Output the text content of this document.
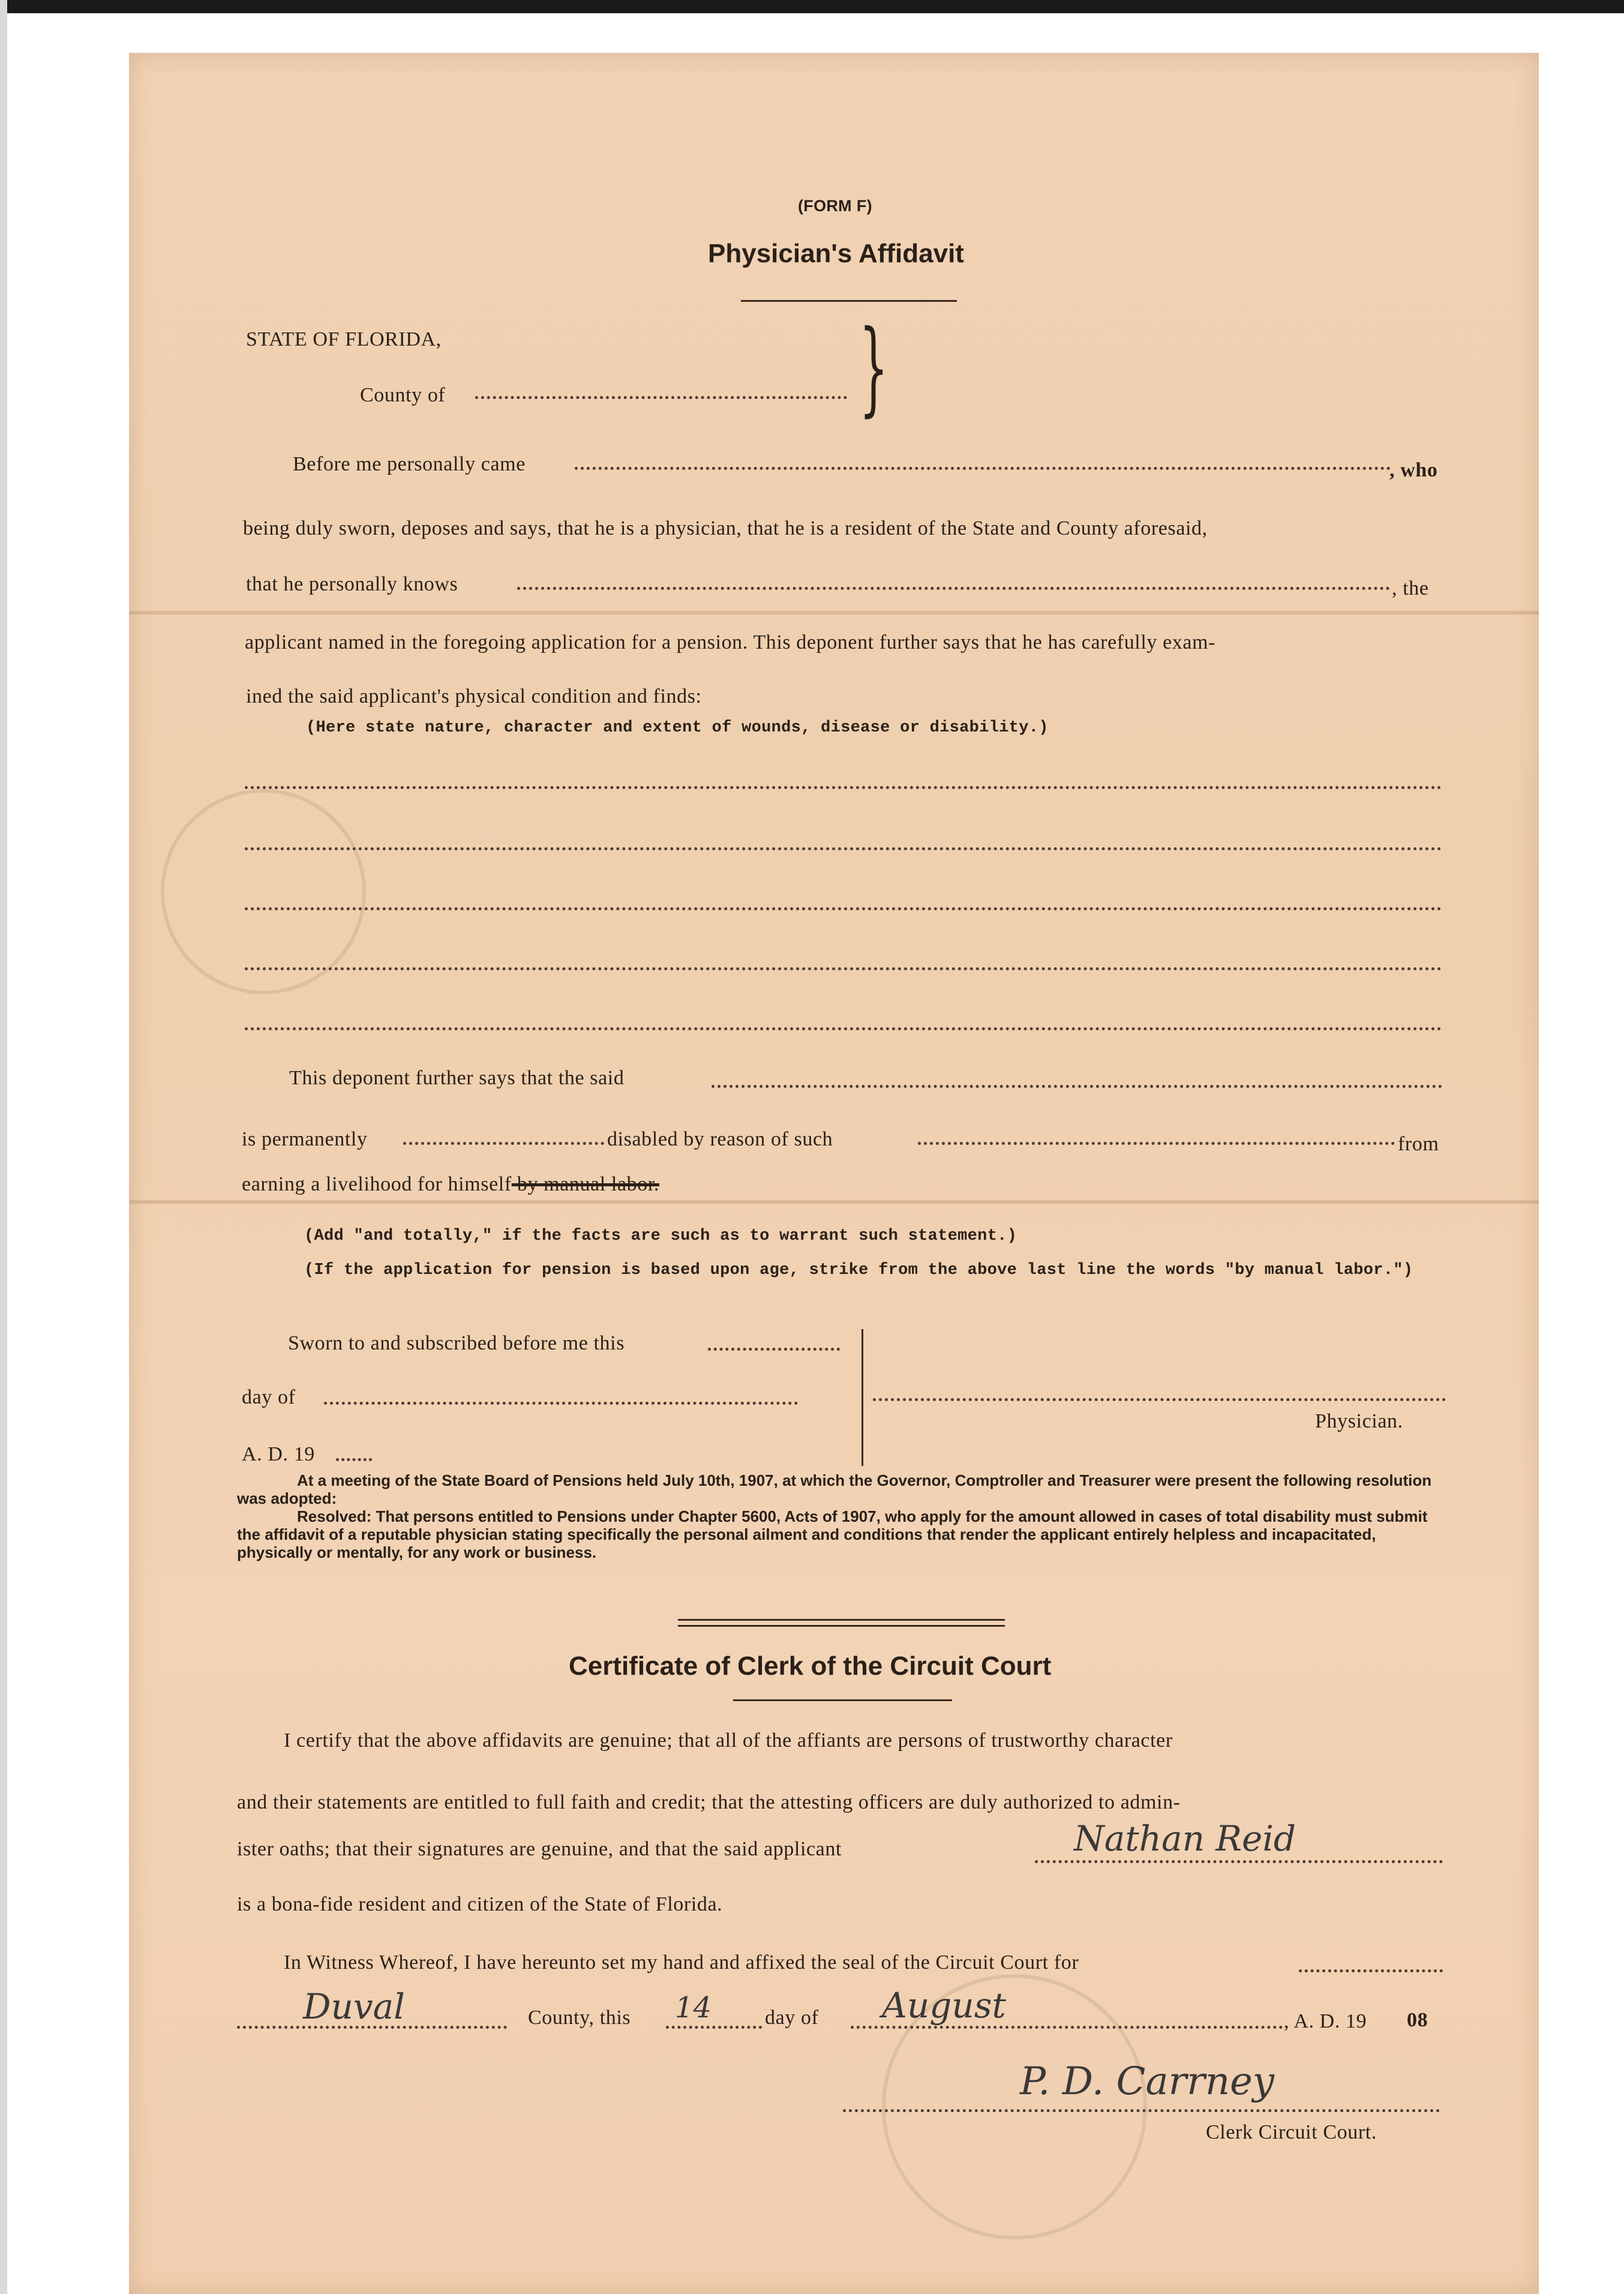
(FORM F)
Physician's Affidavit
STATE OF FLORIDA,
County of	}
Before me personally came	, who
being duly sworn, deposes and says, that he is a physician, that he is a resident of the State and County aforesaid,
that he personally knows	, the
applicant named in the foregoing application for a pension. This deponent further says that he has carefully exam-
ined the said applicant's physical condition and finds:
(Here state nature, character and extent of wounds, disease or disability.)
This deponent further says that the said
is permanently	disabled by reason of such	from
earning a livelihood for himself by manual labor.
(Add "and totally," if the facts are such as to warrant such statement.)
(If the application for pension is based upon age, strike from the above last line the words "by manual labor.")
Sworn to and subscribed before me this
day of
A. D. 19
Physician.

At a meeting of the State Board of Pensions held July 10th, 1907, at which the Governor, Comptroller and Treasurer were present the following resolution was adopted:

Resolved: That persons entitled to Pensions under Chapter 5600, Acts of 1907, who apply for the amount allowed in cases of total disability must submit the affidavit of a reputable physician stating specifically the personal ailment and conditions that render the applicant entirely helpless and incapacitated, physically or mentally, for any work or business.

Certificate of Clerk of the Circuit Court
I certify that the above affidavits are genuine; that all of the affiants are persons of trustworthy character
and their statements are entitled to full faith and credit; that the attesting officers are duly authorized to admin-
ister oaths; that their signatures are genuine, and that the said applicant	Nathan Reid
is a bona-fide resident and citizen of the State of Florida.
In Witness Whereof, I have hereunto set my hand and affixed the seal of the Circuit Court for
Duval	County, this 14	day of August	, A. D. 19 08
P. D. Carrney
Clerk Circuit Court.
